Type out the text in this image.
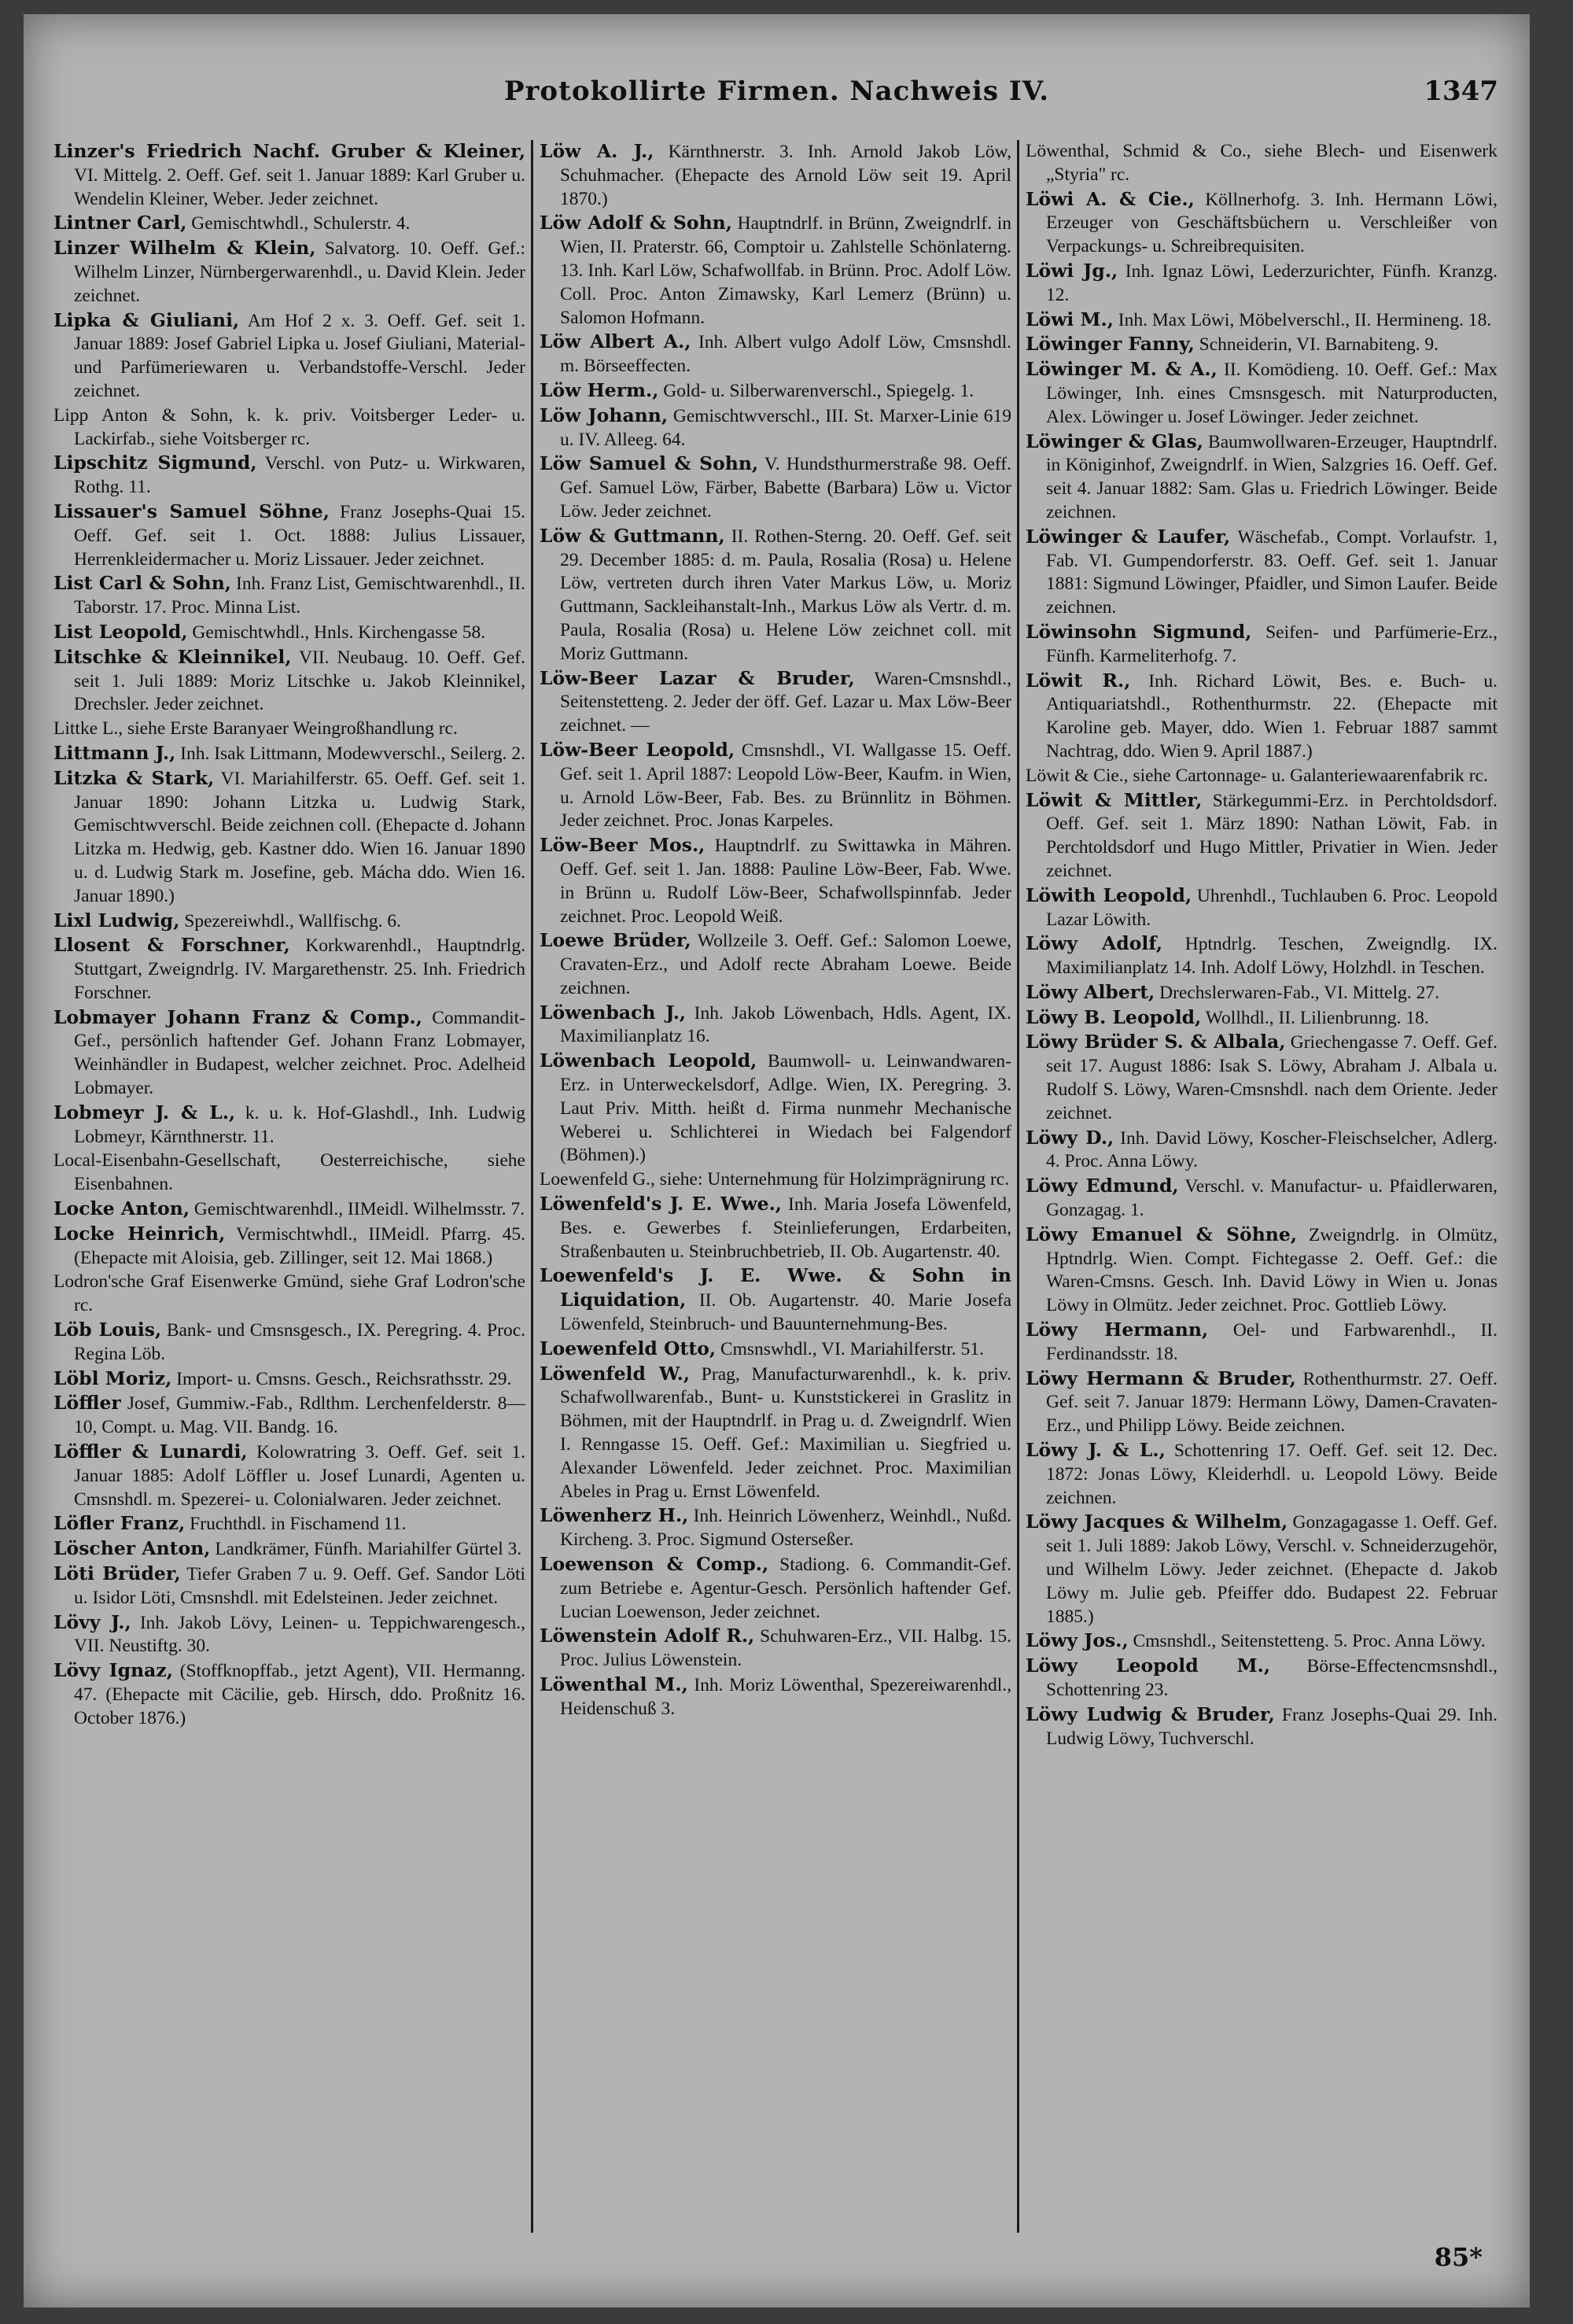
Protokollirte Firmen. Nachweis IV.	1347

Linzer's Friedrich Nachf. Gruber & Kleiner, VI. Mittelg. 2. Oeff. Gef. seit 1. Januar 1889: Karl Gruber u. Wendelin Kleiner, Weber. Jeder zeichnet.

Lintner Carl, Gemischtwhdl., Schulerstr. 4.

Linzer Wilhelm & Klein, Salvatorg. 10. Oeff. Gef.: Wilhelm Linzer, Nürnbergerwarenhdl., u. David Klein. Jeder zeichnet.

Lipka & Giuliani, Am Hof 2 x. 3. Oeff. Gef. seit 1. Januar 1889: Josef Gabriel Lipka u. Josef Giuliani, Material- und Parfümeriewaren u. Verbandstoffe-Verschl. Jeder zeichnet.

Lipp Anton & Sohn, k. k. priv. Voitsberger Leder- u. Lackirfab., siehe Voitsberger rc.

Lipschitz Sigmund, Verschl. von Putz- u. Wirkwaren, Rothg. 11.

Lissauer's Samuel Söhne, Franz Josephs-Quai 15. Oeff. Gef. seit 1. Oct. 1888: Julius Lissauer, Herrenkleidermacher u. Moriz Lissauer. Jeder zeichnet.

List Carl & Sohn, Inh. Franz List, Gemischtwarenhdl., II. Taborstr. 17. Proc. Minna List.

List Leopold, Gemischtwhdl., Hnls. Kirchengasse 58.

Litschke & Kleinnikel, VII. Neubaug. 10. Oeff. Gef. seit 1. Juli 1889: Moriz Litschke u. Jakob Kleinnikel, Drechsler. Jeder zeichnet.

Littke L., siehe Erste Baranyaer Weingroßhandlung rc.

Littmann J., Inh. Isak Littmann, Modewverschl., Seilerg. 2.

Litzka & Stark, VI. Mariahilferstr. 65. Oeff. Gef. seit 1. Januar 1890: Johann Litzka u. Ludwig Stark, Gemischtwverschl. Beide zeichnen coll. (Ehepacte d. Johann Litzka m. Hedwig, geb. Kastner ddo. Wien 16. Januar 1890 u. d. Ludwig Stark m. Josefine, geb. Mácha ddo. Wien 16. Januar 1890.)

Lixl Ludwig, Spezereiwhdl., Wallfischg. 6.

Llosent & Forschner, Korkwarenhdl., Hauptndrlg. Stuttgart, Zweigndrlg. IV. Margarethenstr. 25. Inh. Friedrich Forschner.

Lobmayer Johann Franz & Comp., Commandit-Gef., persönlich haftender Gef. Johann Franz Lobmayer, Weinhändler in Budapest, welcher zeichnet. Proc. Adelheid Lobmayer.

Lobmeyr J. & L., k. u. k. Hof-Glashdl., Inh. Ludwig Lobmeyr, Kärnthnerstr. 11.

Local-Eisenbahn-Gesellschaft, Oesterreichische, siehe Eisenbahnen.

Locke Anton, Gemischtwarenhdl., IIMeidl. Wilhelmsstr. 7.

Locke Heinrich, Vermischtwhdl., IIMeidl. Pfarrg. 45. (Ehepacte mit Aloisia, geb. Zillinger, seit 12. Mai 1868.)

Lodron'sche Graf Eisenwerke Gmünd, siehe Graf Lodron'sche rc.

Löb Louis, Bank- und Cmsnsgesch., IX. Peregring. 4. Proc. Regina Löb.

Löbl Moriz, Import- u. Cmsns. Gesch., Reichsrathsstr. 29.

Löffler Josef, Gummiw.-Fab., Rdlthm. Lerchenfelderstr. 8—10, Compt. u. Mag. VII. Bandg. 16.

Löffler & Lunardi, Kolowratring 3. Oeff. Gef. seit 1. Januar 1885: Adolf Löffler u. Josef Lunardi, Agenten u. Cmsnshdl. m. Spezerei- u. Colonialwaren. Jeder zeichnet.

Löfler Franz, Fruchthdl. in Fischamend 11.

Löscher Anton, Landkrämer, Fünfh. Mariahilfer Gürtel 3.

Löti Brüder, Tiefer Graben 7 u. 9. Oeff. Gef. Sandor Löti u. Isidor Löti, Cmsnshdl. mit Edelsteinen. Jeder zeichnet.

Lövy J., Inh. Jakob Lövy, Leinen- u. Teppichwarengesch., VII. Neustiftg. 30.

Lövy Ignaz, (Stoffknopffab., jetzt Agent), VII. Hermanng. 47. (Ehepacte mit Cäcilie, geb. Hirsch, ddo. Proßnitz 16. October 1876.)

Löw A. J., Kärnthnerstr. 3. Inh. Arnold Jakob Löw, Schuhmacher. (Ehepacte des Arnold Löw seit 19. April 1870.)

Löw Adolf & Sohn, Hauptndrlf. in Brünn, Zweigndrlf. in Wien, II. Praterstr. 66, Comptoir u. Zahlstelle Schönlaterng. 13. Inh. Karl Löw, Schafwollfab. in Brünn. Proc. Adolf Löw. Coll. Proc. Anton Zimawsky, Karl Lemerz (Brünn) u. Salomon Hofmann.

Löw Albert A., Inh. Albert vulgo Adolf Löw, Cmsnshdl. m. Börseeffecten.

Löw Herm., Gold- u. Silberwarenverschl., Spiegelg. 1.

Löw Johann, Gemischtwverschl., III. St. Marxer-Linie 619 u. IV. Alleeg. 64.

Löw Samuel & Sohn, V. Hundsthurmerstraße 98. Oeff. Gef. Samuel Löw, Färber, Babette (Barbara) Löw u. Victor Löw. Jeder zeichnet.

Löw & Guttmann, II. Rothen-Sterng. 20. Oeff. Gef. seit 29. December 1885: d. m. Paula, Rosalia (Rosa) u. Helene Löw, vertreten durch ihren Vater Markus Löw, u. Moriz Guttmann, Sackleihanstalt-Inh., Markus Löw als Vertr. d. m. Paula, Rosalia (Rosa) u. Helene Löw zeichnet coll. mit Moriz Guttmann.

Löw-Beer Lazar & Bruder, Waren-Cmsnshdl., Seitenstetteng. 2. Jeder der öff. Gef. Lazar u. Max Löw-Beer zeichnet. —

Löw-Beer Leopold, Cmsnshdl., VI. Wallgasse 15. Oeff. Gef. seit 1. April 1887: Leopold Löw-Beer, Kaufm. in Wien, u. Arnold Löw-Beer, Fab. Bes. zu Brünnlitz in Böhmen. Jeder zeichnet. Proc. Jonas Karpeles.

Löw-Beer Mos., Hauptndrlf. zu Swittawka in Mähren. Oeff. Gef. seit 1. Jan. 1888: Pauline Löw-Beer, Fab. Wwe. in Brünn u. Rudolf Löw-Beer, Schafwollspinnfab. Jeder zeichnet. Proc. Leopold Weiß.

Loewe Brüder, Wollzeile 3. Oeff. Gef.: Salomon Loewe, Cravaten-Erz., und Adolf recte Abraham Loewe. Beide zeichnen.

Löwenbach J., Inh. Jakob Löwenbach, Hdls. Agent, IX. Maximilianplatz 16.

Löwenbach Leopold, Baumwoll- u. Leinwandwaren-Erz. in Unterweckelsdorf, Adlge. Wien, IX. Peregring. 3. Laut Priv. Mitth. heißt d. Firma nunmehr Mechanische Weberei u. Schlichterei in Wiedach bei Falgendorf (Böhmen).)

Loewenfeld G., siehe: Unternehmung für Holzimprägnirung rc.

Löwenfeld's J. E. Wwe., Inh. Maria Josefa Löwenfeld, Bes. e. Gewerbes f. Steinlieferungen, Erdarbeiten, Straßenbauten u. Steinbruchbetrieb, II. Ob. Augartenstr. 40.

Loewenfeld's J. E. Wwe. & Sohn in Liquidation, II. Ob. Augartenstr. 40. Marie Josefa Löwenfeld, Steinbruch- und Bauunternehmung-Bes.

Loewenfeld Otto, Cmsnswhdl., VI. Mariahilferstr. 51.

Löwenfeld W., Prag, Manufacturwarenhdl., k. k. priv. Schafwollwarenfab., Bunt- u. Kunststickerei in Graslitz in Böhmen, mit der Hauptndrlf. in Prag u. d. Zweigndrlf. Wien I. Renngasse 15. Oeff. Gef.: Maximilian u. Siegfried u. Alexander Löwenfeld. Jeder zeichnet. Proc. Maximilian Abeles in Prag u. Ernst Löwenfeld.

Löwenherz H., Inh. Heinrich Löwenherz, Weinhdl., Nußd. Kircheng. 3. Proc. Sigmund Osterseßer.

Loewenson & Comp., Stadiong. 6. Commandit-Gef. zum Betriebe e. Agentur-Gesch. Persönlich haftender Gef. Lucian Loewenson, Jeder zeichnet.

Löwenstein Adolf R., Schuhwaren-Erz., VII. Halbg. 15. Proc. Julius Löwenstein.

Löwenthal M., Inh. Moriz Löwenthal, Spezereiwarenhdl., Heidenschuß 3.

Löwenthal, Schmid & Co., siehe Blech- und Eisenwerk „Styria" rc.

Löwi A. & Cie., Köllnerhofg. 3. Inh. Hermann Löwi, Erzeuger von Geschäftsbüchern u. Verschleißer von Verpackungs- u. Schreibrequisiten.

Löwi Jg., Inh. Ignaz Löwi, Lederzurichter, Fünfh. Kranzg. 12.

Löwi M., Inh. Max Löwi, Möbelverschl., II. Hermineng. 18.

Löwinger Fanny, Schneiderin, VI. Barnabiteng. 9.

Löwinger M. & A., II. Komödieng. 10. Oeff. Gef.: Max Löwinger, Inh. eines Cmsnsgesch. mit Naturproducten, Alex. Löwinger u. Josef Löwinger. Jeder zeichnet.

Löwinger & Glas, Baumwollwaren-Erzeuger, Hauptndrlf. in Königinhof, Zweigndrlf. in Wien, Salzgries 16. Oeff. Gef. seit 4. Januar 1882: Sam. Glas u. Friedrich Löwinger. Beide zeichnen.

Löwinger & Laufer, Wäschefab., Compt. Vorlaufstr. 1, Fab. VI. Gumpendorferstr. 83. Oeff. Gef. seit 1. Januar 1881: Sigmund Löwinger, Pfaidler, und Simon Laufer. Beide zeichnen.

Löwinsohn Sigmund, Seifen- und Parfümerie-Erz., Fünfh. Karmeliterhofg. 7.

Löwit R., Inh. Richard Löwit, Bes. e. Buch- u. Antiquariatshdl., Rothenthurmstr. 22. (Ehepacte mit Karoline geb. Mayer, ddo. Wien 1. Februar 1887 sammt Nachtrag, ddo. Wien 9. April 1887.)

Löwit & Cie., siehe Cartonnage- u. Galanteriewaarenfabrik rc.

Löwit & Mittler, Stärkegummi-Erz. in Perchtoldsdorf. Oeff. Gef. seit 1. März 1890: Nathan Löwit, Fab. in Perchtoldsdorf und Hugo Mittler, Privatier in Wien. Jeder zeichnet.

Löwith Leopold, Uhrenhdl., Tuchlauben 6. Proc. Leopold Lazar Löwith.

Löwy Adolf, Hptndrlg. Teschen, Zweigndlg. IX. Maximilianplatz 14. Inh. Adolf Löwy, Holzhdl. in Teschen.

Löwy Albert, Drechslerwaren-Fab., VI. Mittelg. 27.

Löwy B. Leopold, Wollhdl., II. Lilienbrunng. 18.

Löwy Brüder S. & Albala, Griechengasse 7. Oeff. Gef. seit 17. August 1886: Isak S. Löwy, Abraham J. Albala u. Rudolf S. Löwy, Waren-Cmsnshdl. nach dem Oriente. Jeder zeichnet.

Löwy D., Inh. David Löwy, Koscher-Fleischselcher, Adlerg. 4. Proc. Anna Löwy.

Löwy Edmund, Verschl. v. Manufactur- u. Pfaidlerwaren, Gonzagag. 1.

Löwy Emanuel & Söhne, Zweigndrlg. in Olmütz, Hptndrlg. Wien. Compt. Fichtegasse 2. Oeff. Gef.: die Waren-Cmsns. Gesch. Inh. David Löwy in Wien u. Jonas Löwy in Olmütz. Jeder zeichnet. Proc. Gottlieb Löwy.

Löwy Hermann, Oel- und Farbwarenhdl., II. Ferdinandsstr. 18.

Löwy Hermann & Bruder, Rothenthurmstr. 27. Oeff. Gef. seit 7. Januar 1879: Hermann Löwy, Damen-Cravaten-Erz., und Philipp Löwy. Beide zeichnen.

Löwy J. & L., Schottenring 17. Oeff. Gef. seit 12. Dec. 1872: Jonas Löwy, Kleiderhdl. u. Leopold Löwy. Beide zeichnen.

Löwy Jacques & Wilhelm, Gonzagagasse 1. Oeff. Gef. seit 1. Juli 1889: Jakob Löwy, Verschl. v. Schneiderzugehör, und Wilhelm Löwy. Jeder zeichnet. (Ehepacte d. Jakob Löwy m. Julie geb. Pfeiffer ddo. Budapest 22. Februar 1885.)

Löwy Jos., Cmsnshdl., Seitenstetteng. 5. Proc. Anna Löwy.

Löwy Leopold M., Börse-Effectencmsnshdl., Schottenring 23.

Löwy Ludwig & Bruder, Franz Josephs-Quai 29. Inh. Ludwig Löwy, Tuchverschl.

85*
